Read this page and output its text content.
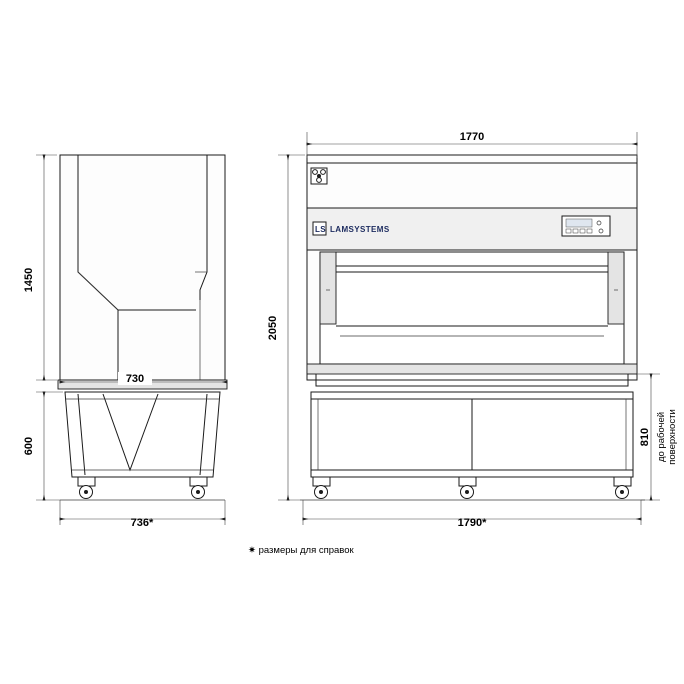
LS LAMSYSTEMS
1450
600
730
736*
1770
2050
1790*
810 до рабочей поверхности
✷ размеры для справок
